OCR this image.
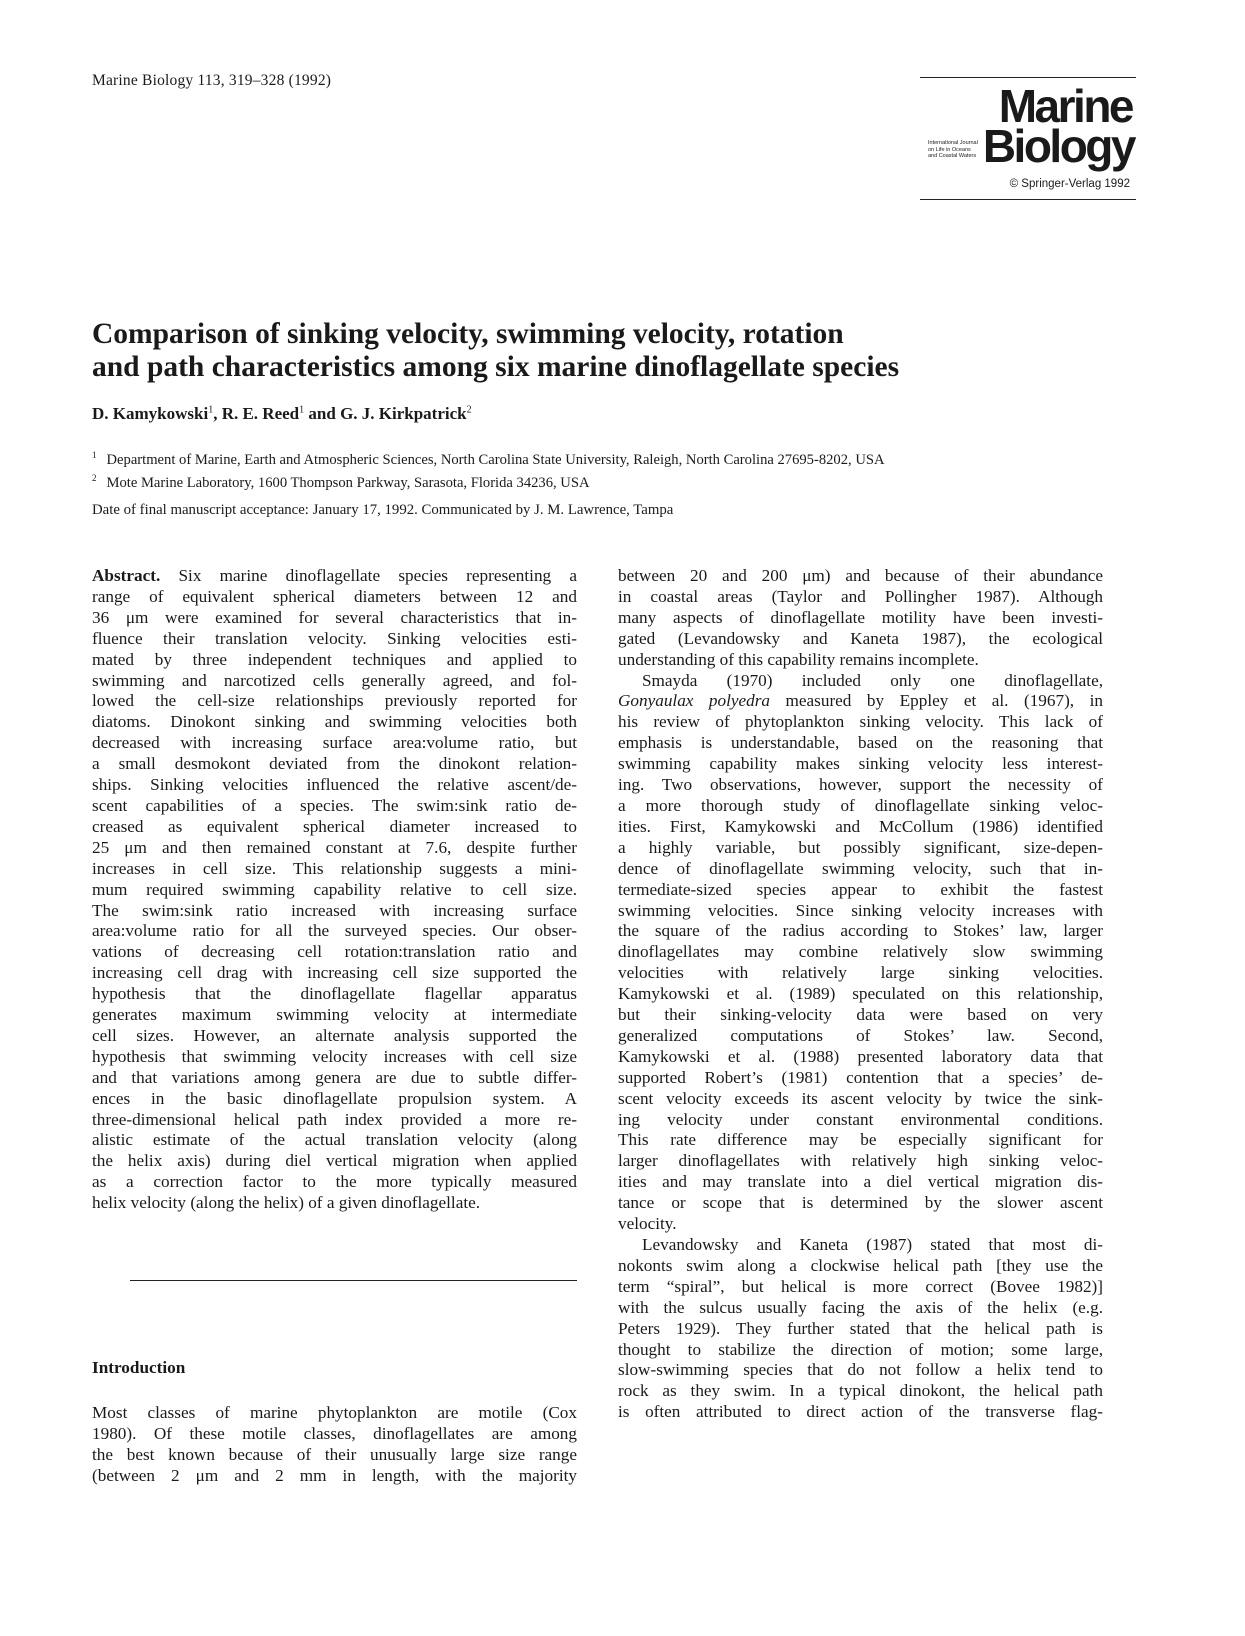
Marine Biology 113, 319–328 (1992)	Marine
International Journal
on Life in Oceans
and Coastal Waters Biology
© Springer-Verlag 1992
Comparison of sinking velocity, swimming velocity, rotation
and path characteristics among six marine dinoflagellate species
D. Kamykowski$^1$, R. E. Reed$^1$ and G. J. Kirkpatrick$^2$
$^1$ Department of Marine, Earth and Atmospheric Sciences, North Carolina State University, Raleigh, North Carolina 27695-8202, USA
$^2$ Mote Marine Laboratory, 1600 Thompson Parkway, Sarasota, Florida 34236, USA
Date of final manuscript acceptance: January 17, 1992. Communicated by J. M. Lawrence, Tampa
Abstract. Six marine dinoflagellate species representing a
range of equivalent spherical diameters between 12 and
36 μm were examined for several characteristics that in-
fluence their translation velocity. Sinking velocities esti-
mated by three independent techniques and applied to
swimming and narcotized cells generally agreed, and fol-
lowed the cell-size relationships previously reported for
diatoms. Dinokont sinking and swimming velocities both
decreased with increasing surface area:volume ratio, but
a small desmokont deviated from the dinokont relation-
ships. Sinking velocities influenced the relative ascent/de-
scent capabilities of a species. The swim:sink ratio de-
creased as equivalent spherical diameter increased to
25 μm and then remained constant at 7.6, despite further
increases in cell size. This relationship suggests a mini-
mum required swimming capability relative to cell size.
The swim:sink ratio increased with increasing surface
area:volume ratio for all the surveyed species. Our obser-
vations of decreasing cell rotation:translation ratio and
increasing cell drag with increasing cell size supported the
hypothesis that the dinoflagellate flagellar apparatus
generates maximum swimming velocity at intermediate
cell sizes. However, an alternate analysis supported the
hypothesis that swimming velocity increases with cell size
and that variations among genera are due to subtle differ-
ences in the basic dinoflagellate propulsion system. A
three-dimensional helical path index provided a more re-
alistic estimate of the actual translation velocity (along
the helix axis) during diel vertical migration when applied
as a correction factor to the more typically measured
helix velocity (along the helix) of a given dinoflagellate.
Introduction
Most classes of marine phytoplankton are motile (Cox
1980). Of these motile classes, dinoflagellates are among
the best known because of their unusually large size range
(between 2 μm and 2 mm in length, with the majority
between 20 and 200 μm) and because of their abundance
in coastal areas (Taylor and Pollingher 1987). Although
many aspects of dinoflagellate motility have been investi-
gated (Levandowsky and Kaneta 1987), the ecological
understanding of this capability remains incomplete.
Smayda (1970) included only one dinoflagellate,
Gonyaulax polyedra measured by Eppley et al. (1967), in
his review of phytoplankton sinking velocity. This lack of
emphasis is understandable, based on the reasoning that
swimming capability makes sinking velocity less interest-
ing. Two observations, however, support the necessity of
a more thorough study of dinoflagellate sinking veloc-
ities. First, Kamykowski and McCollum (1986) identified
a highly variable, but possibly significant, size-depen-
dence of dinoflagellate swimming velocity, such that in-
termediate-sized species appear to exhibit the fastest
swimming velocities. Since sinking velocity increases with
the square of the radius according to Stokes’ law, larger
dinoflagellates may combine relatively slow swimming
velocities with relatively large sinking velocities.
Kamykowski et al. (1989) speculated on this relationship,
but their sinking-velocity data were based on very
generalized computations of Stokes’ law. Second,
Kamykowski et al. (1988) presented laboratory data that
supported Robert’s (1981) contention that a species’ de-
scent velocity exceeds its ascent velocity by twice the sink-
ing velocity under constant environmental conditions.
This rate difference may be especially significant for
larger dinoflagellates with relatively high sinking veloc-
ities and may translate into a diel vertical migration dis-
tance or scope that is determined by the slower ascent
velocity.
Levandowsky and Kaneta (1987) stated that most di-
nokonts swim along a clockwise helical path [they use the
term “spiral”, but helical is more correct (Bovee 1982)]
with the sulcus usually facing the axis of the helix (e.g.
Peters 1929). They further stated that the helical path is
thought to stabilize the direction of motion; some large,
slow-swimming species that do not follow a helix tend to
rock as they swim. In a typical dinokont, the helical path
is often attributed to direct action of the transverse flag-
